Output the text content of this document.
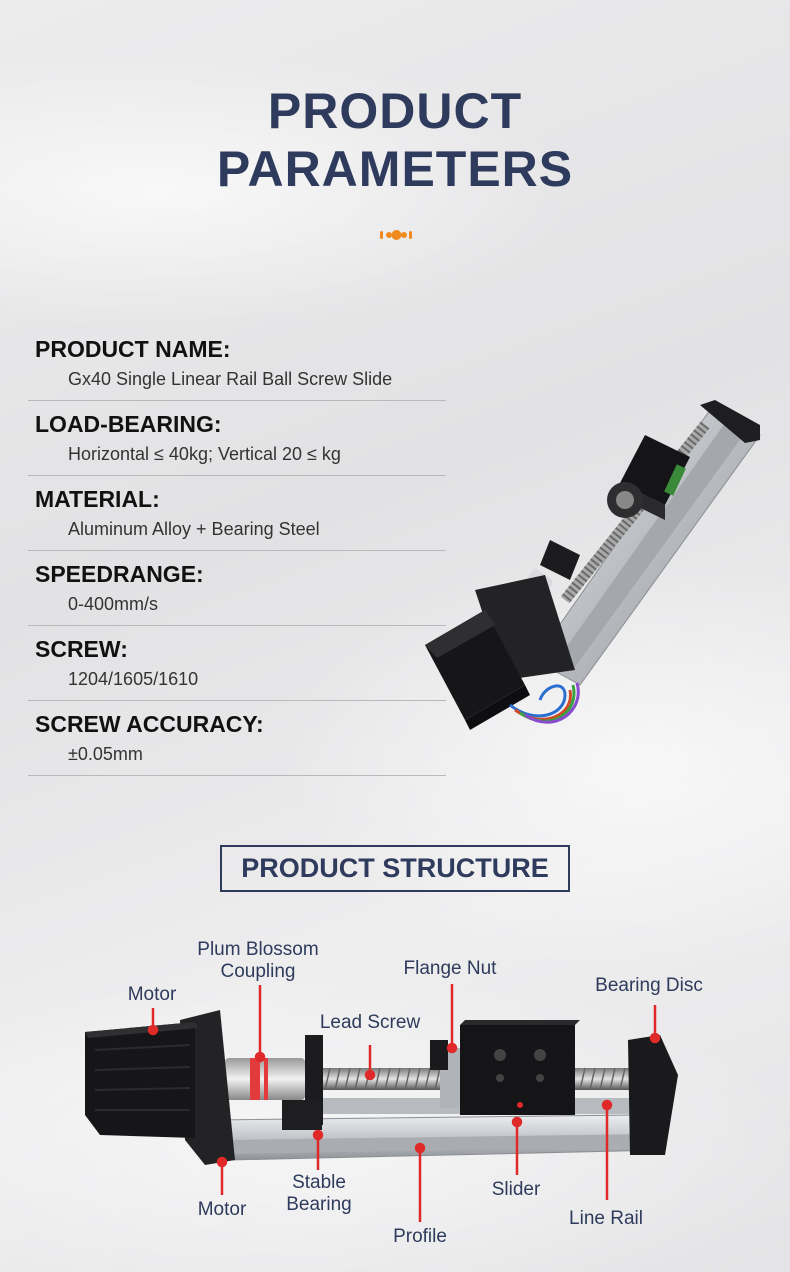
PRODUCT
PARAMETERS
PRODUCT NAME:
Gx40 Single Linear Rail Ball Screw Slide
LOAD-BEARING:
Horizontal ≤ 40kg; Vertical 20 ≤ kg
MATERIAL:
Aluminum Alloy + Bearing Steel
SPEEDRANGE:
0-400mm/s
SCREW:
1204/1605/1610
SCREW ACCURACY:
±0.05mm
PRODUCT STRUCTURE
Motor
Plum Blossom
Coupling	Flange Nut
Lead Screw
Bearing Disc
Motor
Stable
Bearing
Profile
Slider
Line Rail
